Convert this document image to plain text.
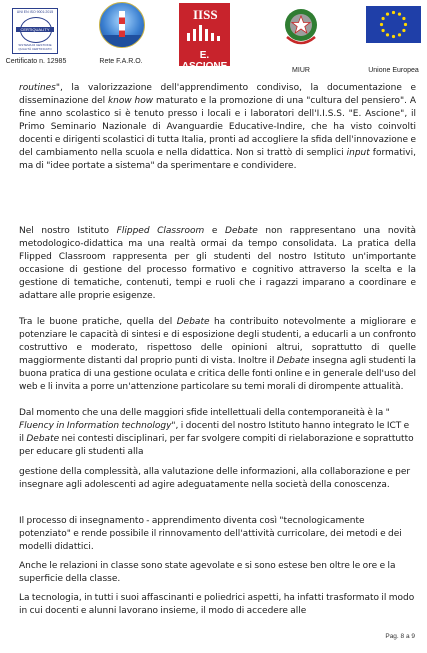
UNI EN ISO 9001:2015
CERTIQUALITY
SISTEMA DI GESTIONE QUALITÀ CERTIFICATO
Certificato n. 12985	Rete F.A.R.O.
IISS
E. ASCIONE	MIUR	Unione Europea

routines", la valorizzazione dell'apprendimento condiviso, la documentazione e disseminazione del know how maturato e la promozione di una "cultura del pensiero". A fine anno scolastico si è tenuto presso i locali e i laboratori dell'I.I.S.S. "E. Ascione", il Primo Seminario Nazionale di Avanguardie Educative-Indire, che ha visto coinvolti docenti e dirigenti scolastici di tutta Italia, pronti ad accogliere la sfida dell'innovazione e del cambiamento nella scuola e nella didattica. Non si trattò di semplici input formativi, ma di "idee portate a sistema" da sperimentare e condividere.

Nel nostro Istituto Flipped Classroom e Debate non rappresentano una novità metodologico-didattica ma una realtà ormai da tempo consolidata. La pratica della Flipped Classroom rappresenta per gli studenti del nostro Istituto un'importante occasione di gestione del processo formativo e cognitivo attraverso la scelta e la gestione di tematiche, contenuti, tempi e ruoli che i ragazzi imparano a coordinare e adattare alle proprie esigenze.

Tra le buone pratiche, quella del Debate ha contribuito notevolmente a migliorare e potenziare le capacità di sintesi e di esposizione degli studenti, a educarli a un confronto costruttivo e moderato, rispettoso delle opinioni altrui, soprattutto di quelle maggiormente distanti dal proprio punti di vista. Inoltre il Debate insegna agli studenti la buona pratica di una gestione oculata e critica delle fonti online e in generale dell'uso del web e li invita a porre un'attenzione particolare su temi morali di dirompente attualità.

Dal momento che una delle maggiori sfide intellettuali della contemporaneità è la " Fluency in Information technology", i docenti del nostro Istituto hanno integrato le ICT e il Debate nei contesti disciplinari, per far svolgere compiti di rielaborazione e soprattutto per educare gli studenti alla

gestione della complessità, alla valutazione delle informazioni, alla collaborazione e per insegnare agli adolescenti ad agire adeguatamente nella società della conoscenza.

Il processo di insegnamento - apprendimento diventa così "tecnologicamente potenziato" e rende possibile il rinnovamento dell'attività curricolare, dei metodi e dei modelli didattici.

Anche le relazioni in classe sono state agevolate e si sono estese ben oltre le ore e la superficie della classe.

La tecnologia, in tutti i suoi affascinanti e poliedrici aspetti, ha infatti trasformato il modo in cui docenti e alunni lavorano insieme, il modo di accedere alle

Pag. 8 a 9
